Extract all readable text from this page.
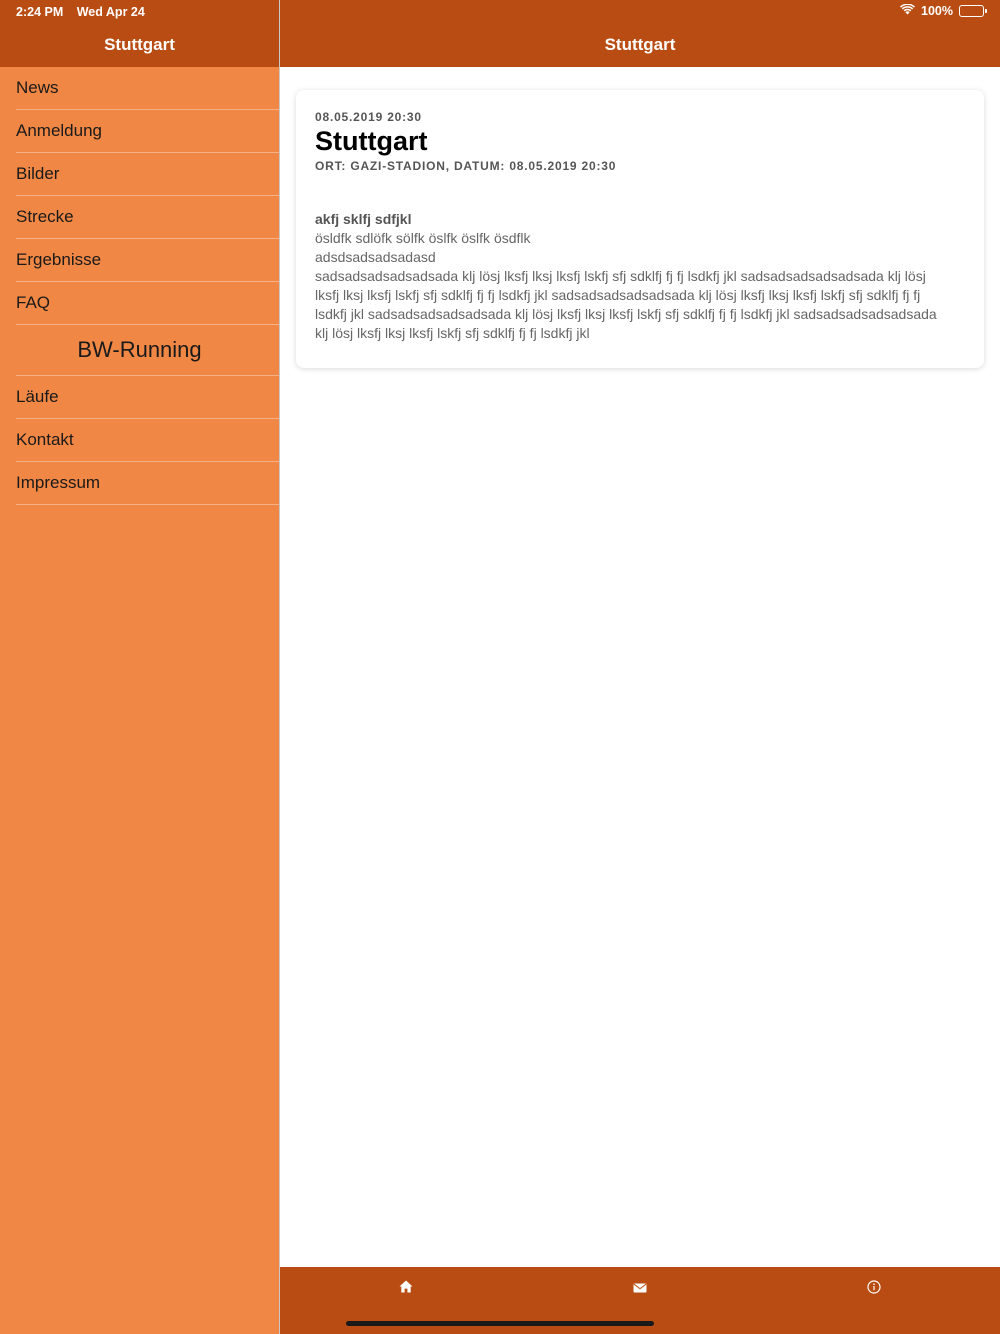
2:24 PM Wed Apr 24
Stuttgart
News
Anmeldung
Bilder
Strecke
Ergebnisse
FAQ
BW-Running
Läufe
Kontakt
Impressum
100%
Stuttgart
08.05.2019 20:30
Stuttgart
ORT: GAZI-STADION, DATUM: 08.05.2019 20:30
akfj sklfj sdfjkl
ösldfk sdlöfk sölfk öslfk öslfk ösdflk
adsdsadsadsadasd
sadsadsadsadsadsada klj lösj lksfj lksj lksfj lskfj sfj sdklfj fj fj lsdkfj jkl sadsadsadsadsadsada klj lösj
lksfj lksj lksfj lskfj sfj sdklfj fj fj lsdkfj jkl sadsadsadsadsadsada klj lösj lksfj lksj lksfj lskfj sfj sdklfj fj fj
lsdkfj jkl sadsadsadsadsadsada klj lösj lksfj lksj lksfj lskfj sfj sdklfj fj fj lsdkfj jkl sadsadsadsadsadsada
klj lösj lksfj lksj lksfj lskfj sfj sdklfj fj fj lsdkfj jkl
